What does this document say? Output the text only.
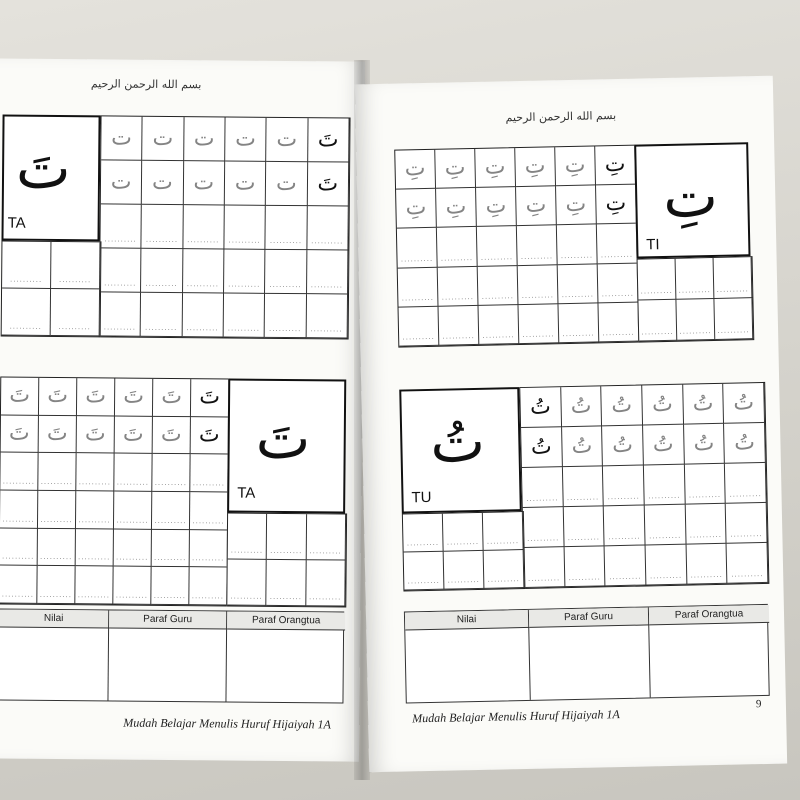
بسم الله الرحمن الرحيم
تَ
TA
ت ت ت ت ت تَ
ت ت ت ت ت تَ
..........	..........	..........	..........	..........	..........
..........	..........	..........	..........	..........	..........
..........	..........	..........	..........	..........	..........
..........	..........
..........	..........
تَ تَ تَ تَ تَ تَ
تَ تَ تَ تَ تَ تَ
.......... .......... .......... .......... .......... ..........
.......... .......... .......... .......... .......... ..........
.......... .......... .......... .......... .......... ..........
.......... .......... .......... .......... .......... ..........
تَ
TA
.......... .......... ..........
.......... .......... ..........
Nilai	Paraf Guru	Paraf Orangtua
Mudah Belajar Menulis Huruf Hijaiyah 1A
بسم الله الرحمن الرحيم
تِ تِ تِ تِ تِ تِ
تِ تِ تِ تِ تِ تِ
..........	..........	..........	..........	..........	..........
..........	..........	..........	..........	..........	..........
..........	..........	..........	..........	..........	..........
تِ
TI
.......... .......... ..........
.......... .......... ..........
تُ
TU
تُ تُ تُ تُ تُ تُ
تُ تُ تُ تُ تُ تُ
..........	..........	..........	..........	..........	..........
..........	..........	..........	..........	..........	..........
..........	..........	..........	..........	..........	..........
..........	..........	..........
..........	..........	..........
Nilai	Paraf Guru	Paraf Orangtua
Mudah Belajar Menulis Huruf Hijaiyah 1A
9
